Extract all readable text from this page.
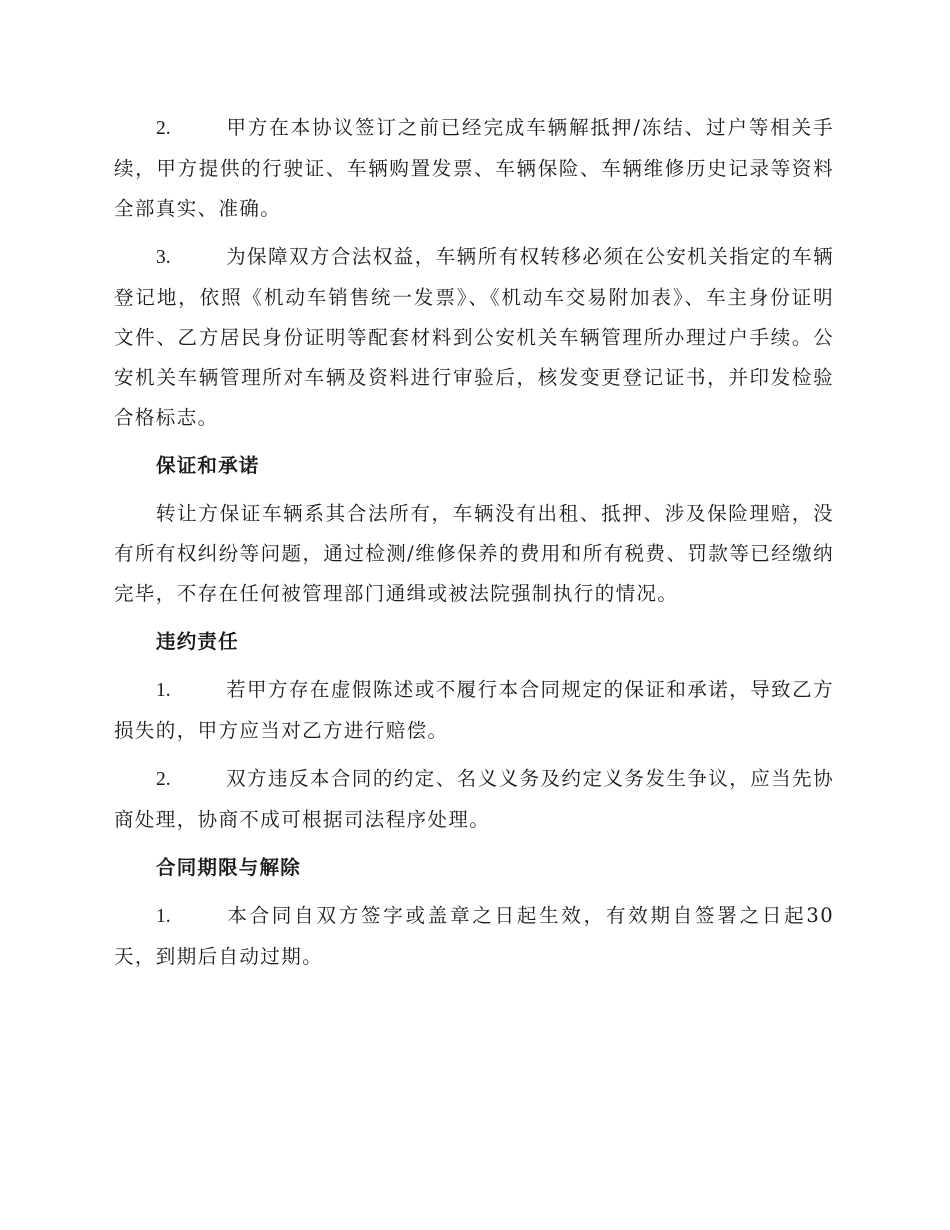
2.	甲方在本协议签订之前已经完成车辆解抵押/冻结、过户等相关手续，甲方提供的行驶证、车辆购置发票、车辆保险、车辆维修历史记录等资料全部真实、准确。

3.	为保障双方合法权益，车辆所有权转移必须在公安机关指定的车辆登记地，依照《机动车销售统一发票》、《机动车交易附加表》、车主身份证明文件、乙方居民身份证明等配套材料到公安机关车辆管理所办理过户手续。公安机关车辆管理所对车辆及资料进行审验后，核发变更登记证书，并印发检验合格标志。

保证和承诺

转让方保证车辆系其合法所有，车辆没有出租、抵押、涉及保险理赔，没有所有权纠纷等问题，通过检测/维修保养的费用和所有税费、罚款等已经缴纳完毕，不存在任何被管理部门通缉或被法院强制执行的情况。

违约责任

1.	若甲方存在虚假陈述或不履行本合同规定的保证和承诺，导致乙方损失的，甲方应当对乙方进行赔偿。

2.	双方违反本合同的约定、名义义务及约定义务发生争议，应当先协商处理，协商不成可根据司法程序处理。

合同期限与解除

1.	本合同自双方签字或盖章之日起生效，有效期自签署之日起30天，到期后自动过期。
